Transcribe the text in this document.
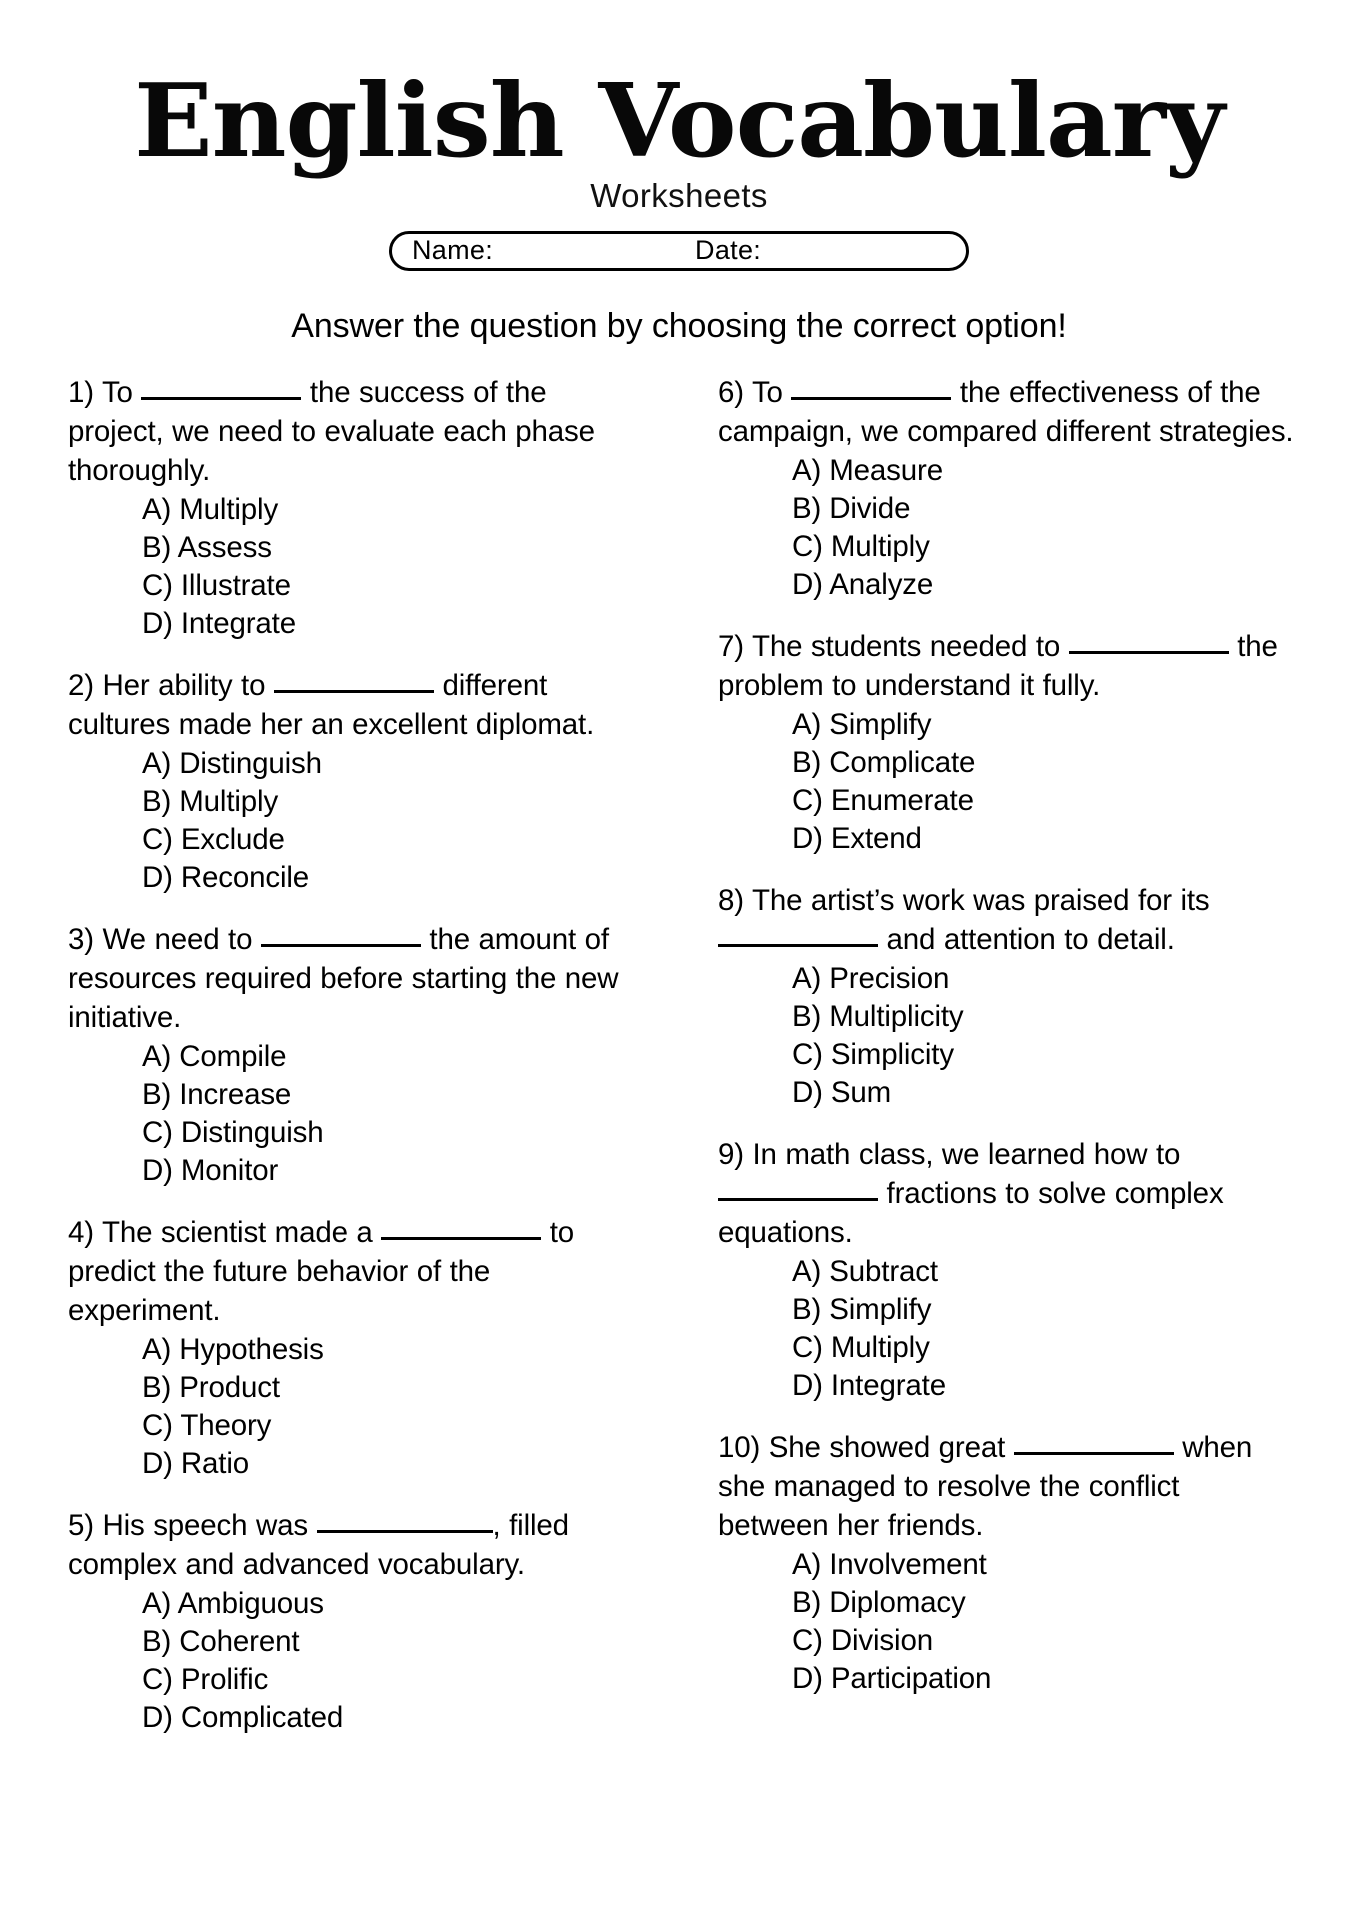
English Vocabulary
Worksheets
Name:	Date:
Answer the question by choosing the correct option!

1) To	the success of the project, we need to evaluate each phase thoroughly.

A) Multiply
B) Assess
C) Illustrate
D) Integrate

2) Her ability to	different cultures made her an excellent diplomat.

A) Distinguish
B) Multiply
C) Exclude
D) Reconcile

3) We need to	the amount of resources required before starting the new initiative.

A) Compile
B) Increase
C) Distinguish
D) Monitor

4) The scientist made a	to predict the future behavior of the experiment.

A) Hypothesis
B) Product
C) Theory
D) Ratio

5) His speech was	, filled complex and advanced vocabulary.

A) Ambiguous
B) Coherent
C) Prolific
D) Complicated

6) To	the effectiveness of the campaign, we compared different strategies.

A) Measure
B) Divide
C) Multiply
D) Analyze

7) The students needed to	the problem to understand it fully.

A) Simplify
B) Complicate
C) Enumerate
D) Extend

8) The artist’s work was praised for its  and attention to detail.

A) Precision
B) Multiplicity
C) Simplicity
D) Sum

9) In math class, we learned how to  fractions to solve complex equations.

A) Subtract
B) Simplify
C) Multiply
D) Integrate

10) She showed great	when she managed to resolve the conflict between her friends.

A) Involvement
B) Diplomacy
C) Division
D) Participation
